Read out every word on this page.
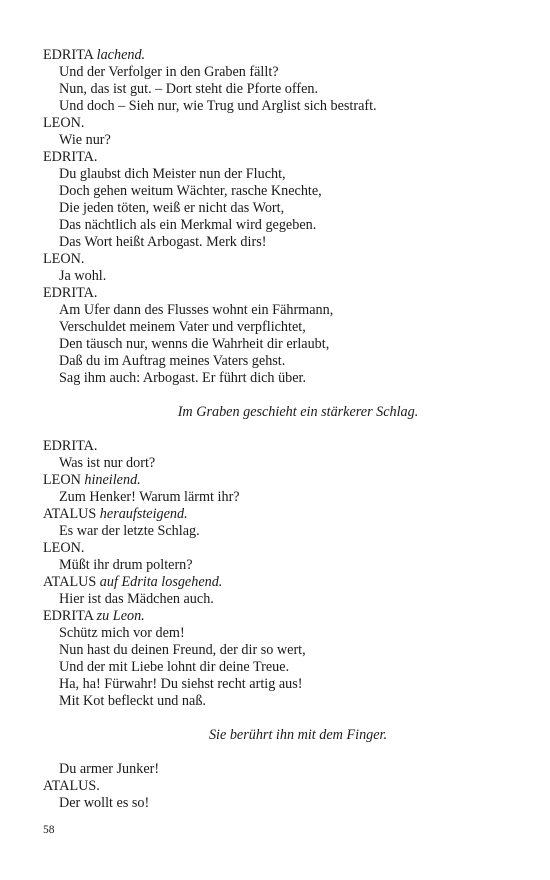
EDRITA lachend.
Und der Verfolger in den Graben fällt?
Nun, das ist gut. – Dort steht die Pforte offen.
Und doch – Sieh nur, wie Trug und Arglist sich bestraft.
LEON.
Wie nur?
EDRITA.
Du glaubst dich Meister nun der Flucht,
Doch gehen weitum Wächter, rasche Knechte,
Die jeden töten, weiß er nicht das Wort,
Das nächtlich als ein Merkmal wird gegeben.
Das Wort heißt Arbogast. Merk dirs!
LEON.
Ja wohl.
EDRITA.
Am Ufer dann des Flusses wohnt ein Fährmann,
Verschuldet meinem Vater und verpflichtet,
Den täusch nur, wenns die Wahrheit dir erlaubt,
Daß du im Auftrag meines Vaters gehst.
Sag ihm auch: Arbogast. Er führt dich über.
Im Graben geschieht ein stärkerer Schlag.
EDRITA.
Was ist nur dort?
LEON hineilend.
Zum Henker! Warum lärmt ihr?
ATALUS heraufsteigend.
Es war der letzte Schlag.
LEON.
Müßt ihr drum poltern?
ATALUS auf Edrita losgehend.
Hier ist das Mädchen auch.
EDRITA zu Leon.
Schütz mich vor dem!
Nun hast du deinen Freund, der dir so wert,
Und der mit Liebe lohnt dir deine Treue.
Ha, ha! Fürwahr! Du siehst recht artig aus!
Mit Kot befleckt und naß.
Sie berührt ihn mit dem Finger.
Du armer Junker!
ATALUS.
Der wollt es so!
58
